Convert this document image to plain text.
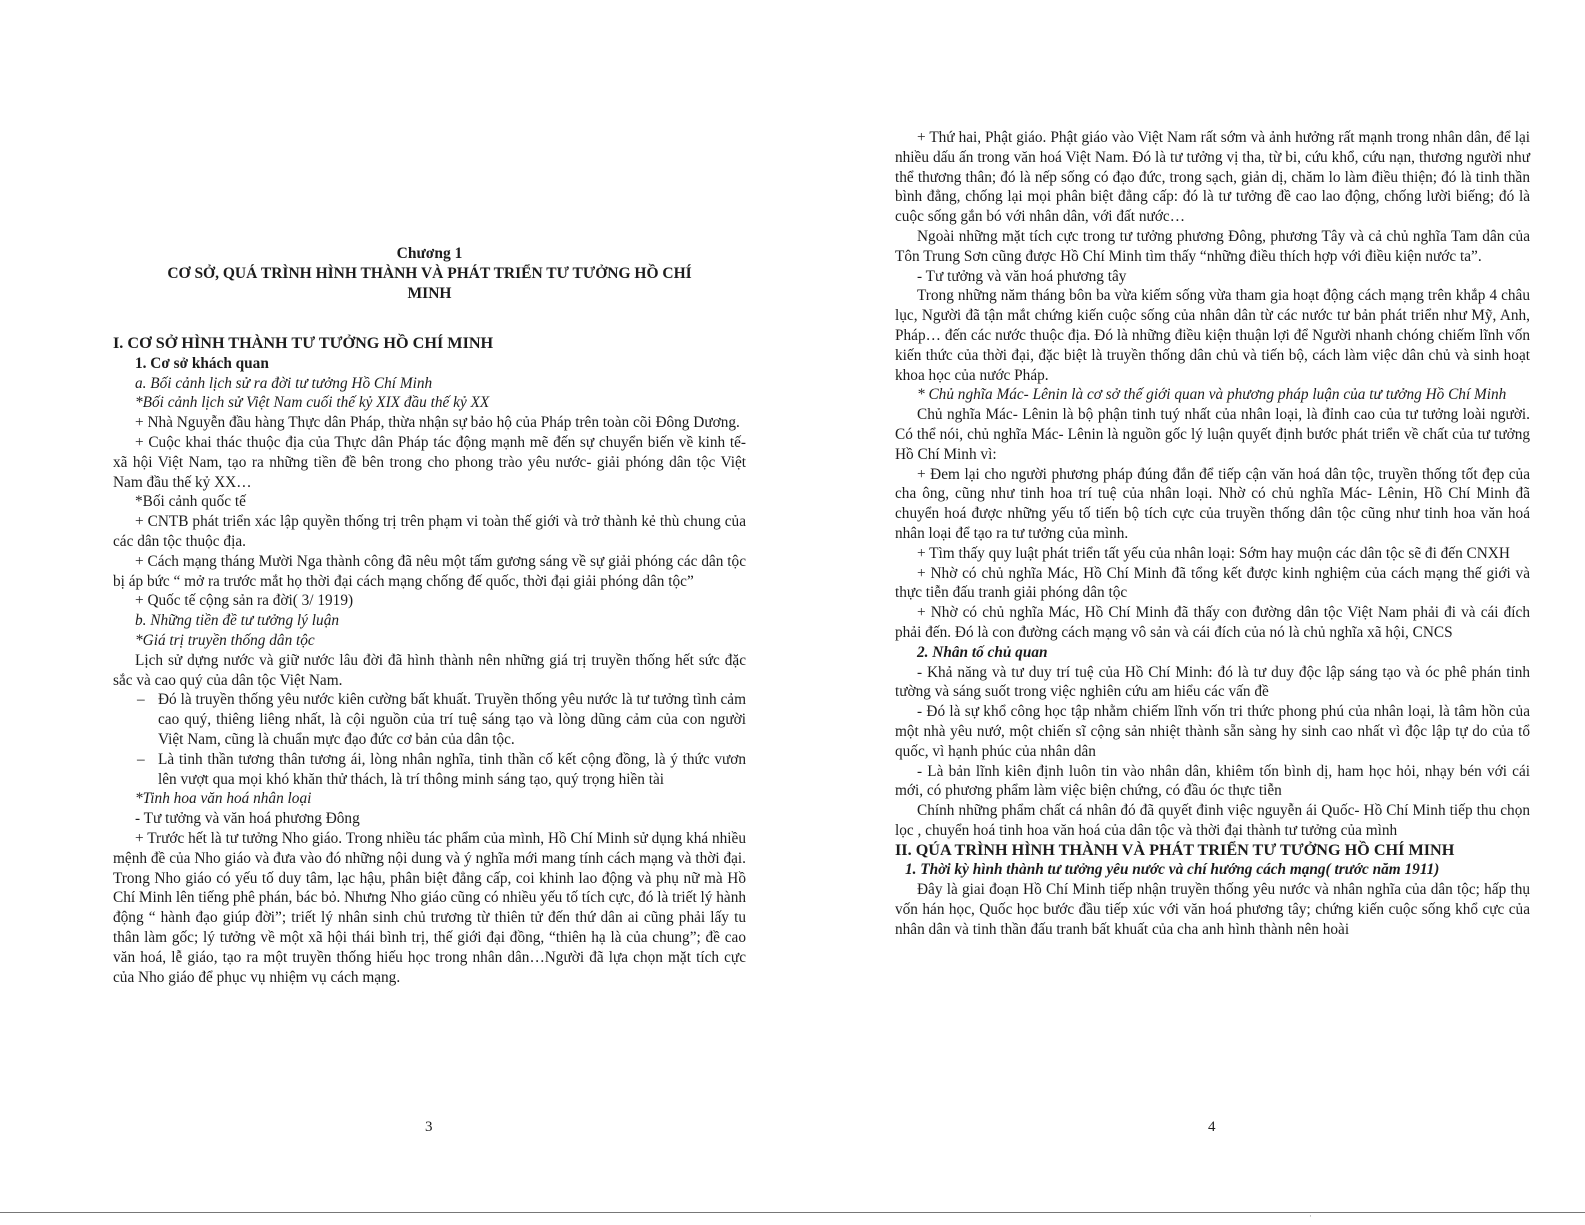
Chương 1

CƠ SỞ, QUÁ TRÌNH HÌNH THÀNH VÀ PHÁT TRIỂN TƯ TƯỞNG HỒ CHÍ MINH

I. CƠ SỞ HÌNH THÀNH TƯ TƯỞNG HỒ CHÍ MINH

1. Cơ sở khách quan

a. Bối cảnh lịch sử ra đời tư tưởng Hồ Chí Minh

*Bối cảnh lịch sử Việt Nam cuối thế kỷ XIX đầu thế kỷ XX

+ Nhà Nguyễn đầu hàng Thực dân Pháp, thừa nhận sự bảo hộ của Pháp trên toàn cõi Đông Dương.

+ Cuộc khai thác thuộc địa của Thực dân Pháp tác động mạnh mẽ đến sự chuyển biến về kinh tế- xã hội Việt Nam, tạo ra những tiền đề bên trong cho phong trào yêu nước- giải phóng dân tộc Việt Nam đầu thế kỷ XX…

*Bối cảnh quốc tế

+ CNTB phát triển xác lập quyền thống trị trên phạm vi toàn thế giới và trở thành kẻ thù chung của các dân tộc thuộc địa.

+ Cách mạng tháng Mười Nga thành công đã nêu một tấm gương sáng về sự giải phóng các dân tộc bị áp bức “ mở ra trước mắt họ thời đại cách mạng chống đế quốc, thời đại giải phóng dân tộc”

+ Quốc tế cộng sản ra đời( 3/ 1919)

b. Những tiền đề tư tưởng lý luận

*Giá trị truyền thống dân tộc

Lịch sử dựng nước và giữ nước lâu đời đã hình thành nên những giá trị truyền thống hết sức đặc sắc và cao quý của dân tộc Việt Nam.

– Đó là truyền thống yêu nước kiên cường bất khuất. Truyền thống yêu nước là tư tưởng tình cảm cao quý, thiêng liêng nhất, là cội nguồn của trí tuệ sáng tạo và lòng dũng cảm của con người Việt Nam, cũng là chuẩn mực đạo đức cơ bản của dân tộc.

– Là tinh thần tương thân tương ái, lòng nhân nghĩa, tinh thần cố kết cộng đồng, là ý thức vươn lên vượt qua mọi khó khăn thử thách, là trí thông minh sáng tạo, quý trọng hiền tài

*Tinh hoa văn hoá nhân loại

- Tư tưởng và văn hoá phương Đông

+ Trước hết là tư tưởng Nho giáo. Trong nhiều tác phẩm của mình, Hồ Chí Minh sử dụng khá nhiều mệnh đề của Nho giáo và đưa vào đó những nội dung và ý nghĩa mới mang tính cách mạng và thời đại. Trong Nho giáo có yếu tố duy tâm, lạc hậu, phân biệt đẳng cấp, coi khinh lao động và phụ nữ mà Hồ Chí Minh lên tiếng phê phán, bác bỏ. Nhưng Nho giáo cũng có nhiều yếu tố tích cực, đó là triết lý hành động “ hành đạo giúp đời”; triết lý nhân sinh chủ trương từ thiên tử đến thứ dân ai cũng phải lấy tu thân làm gốc; lý tưởng về một xã hội thái bình trị, thế giới đại đồng, “thiên hạ là của chung”; đề cao văn hoá, lễ giáo, tạo ra một truyền thống hiếu học trong nhân dân…Người đã lựa chọn mặt tích cực của Nho giáo để phục vụ nhiệm vụ cách mạng.

3

+ Thứ hai, Phật giáo. Phật giáo vào Việt Nam rất sớm và ảnh hưởng rất mạnh trong nhân dân, để lại nhiều dấu ấn trong văn hoá Việt Nam. Đó là tư tưởng vị tha, từ bi, cứu khổ, cứu nạn, thương người như thể thương thân; đó là nếp sống có đạo đức, trong sạch, giản dị, chăm lo làm điều thiện; đó là tinh thần bình đẳng, chống lại mọi phân biệt đẳng cấp: đó là tư tưởng đề cao lao động, chống lười biếng; đó là cuộc sống gắn bó với nhân dân, với đất nước…

Ngoài những mặt tích cực trong tư tưởng phương Đông, phương Tây và cả chủ nghĩa Tam dân của Tôn Trung Sơn cũng được Hồ Chí Minh tìm thấy “những điều thích hợp với điều kiện nước ta”.

- Tư tưởng và văn hoá phương tây

Trong những năm tháng bôn ba vừa kiếm sống vừa tham gia hoạt động cách mạng trên khắp 4 châu lục, Người đã tận mắt chứng kiến cuộc sống của nhân dân từ các nước tư bản phát triển như Mỹ, Anh, Pháp… đến các nước thuộc địa. Đó là những điều kiện thuận lợi để Người nhanh chóng chiếm lĩnh vốn kiến thức của thời đại, đặc biệt là truyền thống dân chủ và tiến bộ, cách làm việc dân chủ và sinh hoạt khoa học của nước Pháp.

* Chủ nghĩa Mác- Lênin là cơ sở thế giới quan và phương pháp luận của tư tưởng Hồ Chí Minh

Chủ nghĩa Mác- Lênin là bộ phận tinh tuý nhất của nhân loại, là đỉnh cao của tư tưởng loài người. Có thể nói, chủ nghĩa Mác- Lênin là nguồn gốc lý luận quyết định bước phát triển về chất của tư tưởng Hồ Chí Minh vì:

+ Đem lại cho người phương pháp đúng đắn để tiếp cận văn hoá dân tộc, truyền thống tốt đẹp của cha ông, cũng như tinh hoa trí tuệ của nhân loại. Nhờ có chủ nghĩa Mác- Lênin, Hồ Chí Minh đã chuyển hoá được những yếu tố tiến bộ tích cực của truyền thống dân tộc cũng như tinh hoa văn hoá nhân loại để tạo ra tư tưởng của mình.

+ Tìm thấy quy luật phát triển tất yếu của nhân loại: Sớm hay muộn các dân tộc sẽ đi đến CNXH

+ Nhờ có chủ nghĩa Mác, Hồ Chí Minh đã tổng kết được kinh nghiệm của cách mạng thế giới và thực tiễn đấu tranh giải phóng dân tộc

+ Nhờ có chủ nghĩa Mác, Hồ Chí Minh đã thấy con đường dân tộc Việt Nam phải đi và cái đích phải đến. Đó là con đường cách mạng vô sản và cái đích của nó là chủ nghĩa xã hội, CNCS

2. Nhân tố chủ quan

- Khả năng và tư duy trí tuệ của Hồ Chí Minh: đó là tư duy độc lập sáng tạo và óc phê phán tinh tường và sáng suốt trong việc nghiên cứu am hiểu các vấn đề

- Đó là sự khổ công học tập nhằm chiếm lĩnh vốn tri thức phong phú của nhân loại, là tâm hồn của một nhà yêu nướ, một chiến sĩ cộng sản nhiệt thành sẵn sàng hy sinh cao nhất vì độc lập tự do của tổ quốc, vì hạnh phúc của nhân dân

- Là bản lĩnh kiên định luôn tin vào nhân dân, khiêm tốn bình dị, ham học hỏi, nhạy bén với cái mới, có phương phẩm làm việc biện chứng, có đầu óc thực tiễn

Chính những phẩm chất cá nhân đó đã quyết đinh việc nguyễn ái Quốc- Hồ Chí Minh tiếp thu chọn lọc , chuyển hoá tinh hoa văn hoá của dân tộc và thời đại thành tư tưởng của mình

II. QÚA TRÌNH HÌNH THÀNH VÀ PHÁT TRIỂN TƯ TƯỞNG HỒ CHÍ MINH

1. Thời kỳ hình thành tư tưởng yêu nước và chí hướng cách mạng( trước năm 1911)

Đây là giai đoạn Hồ Chí Minh tiếp nhận truyền thống yêu nước và nhân nghĩa của dân tộc; hấp thụ vốn hán học, Quốc học bước đầu tiếp xúc với văn hoá phương tây; chứng kiến cuộc sống khổ cực của nhân dân và tinh thần đấu tranh bất khuất của cha anh hình thành nên hoài

4
⸼
